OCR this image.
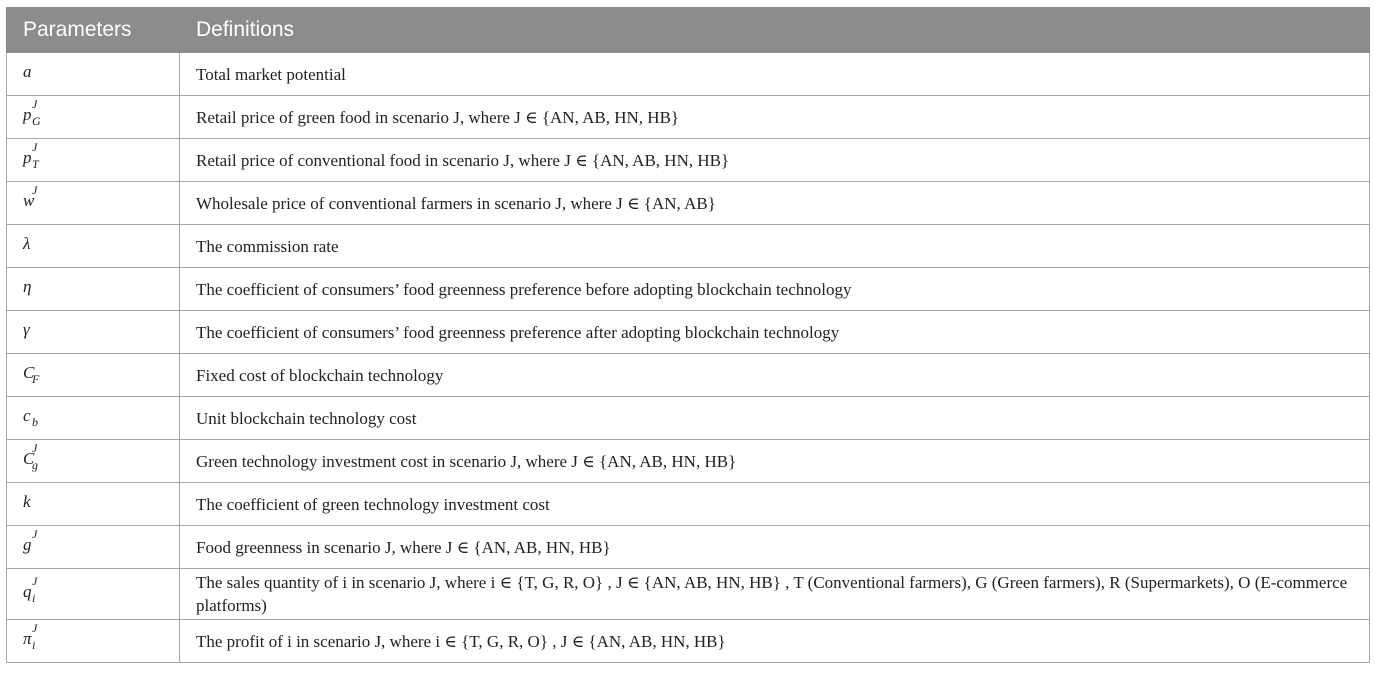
Parameters	Definitions

a	Total market potential

p
J
G	Retail price of green food in scenario J, where J ∈ {AN, AB, HN, HB}

p
J
T	Retail price of conventional food in scenario J, where J ∈ {AN, AB, HN, HB}

w
J	Wholesale price of conventional farmers in scenario J, where J ∈ {AN, AB}

λ	The commission rate

η	The coefficient of consumers’ food greenness preference before adopting blockchain technology

γ	The coefficient of consumers’ food greenness preference after adopting blockchain technology

C
F	Fixed cost of blockchain technology

c b	Unit blockchain technology cost

C
J
g	Green technology investment cost in scenario J, where J ∈ {AN, AB, HN, HB}

k	The coefficient of green technology investment cost

g
J	Food greenness in scenario J, where J ∈ {AN, AB, HN, HB}

q
J
i	The sales quantity of i in scenario J, where i ∈ {T, G, R, O} , J ∈ {AN, AB, HN, HB} , T (Conventional farmers), G (Green farmers), R (Supermarkets), O (E-commerce platforms)

π
J
i	The profit of i in scenario J, where i ∈ {T, G, R, O} , J ∈ {AN, AB, HN, HB}
